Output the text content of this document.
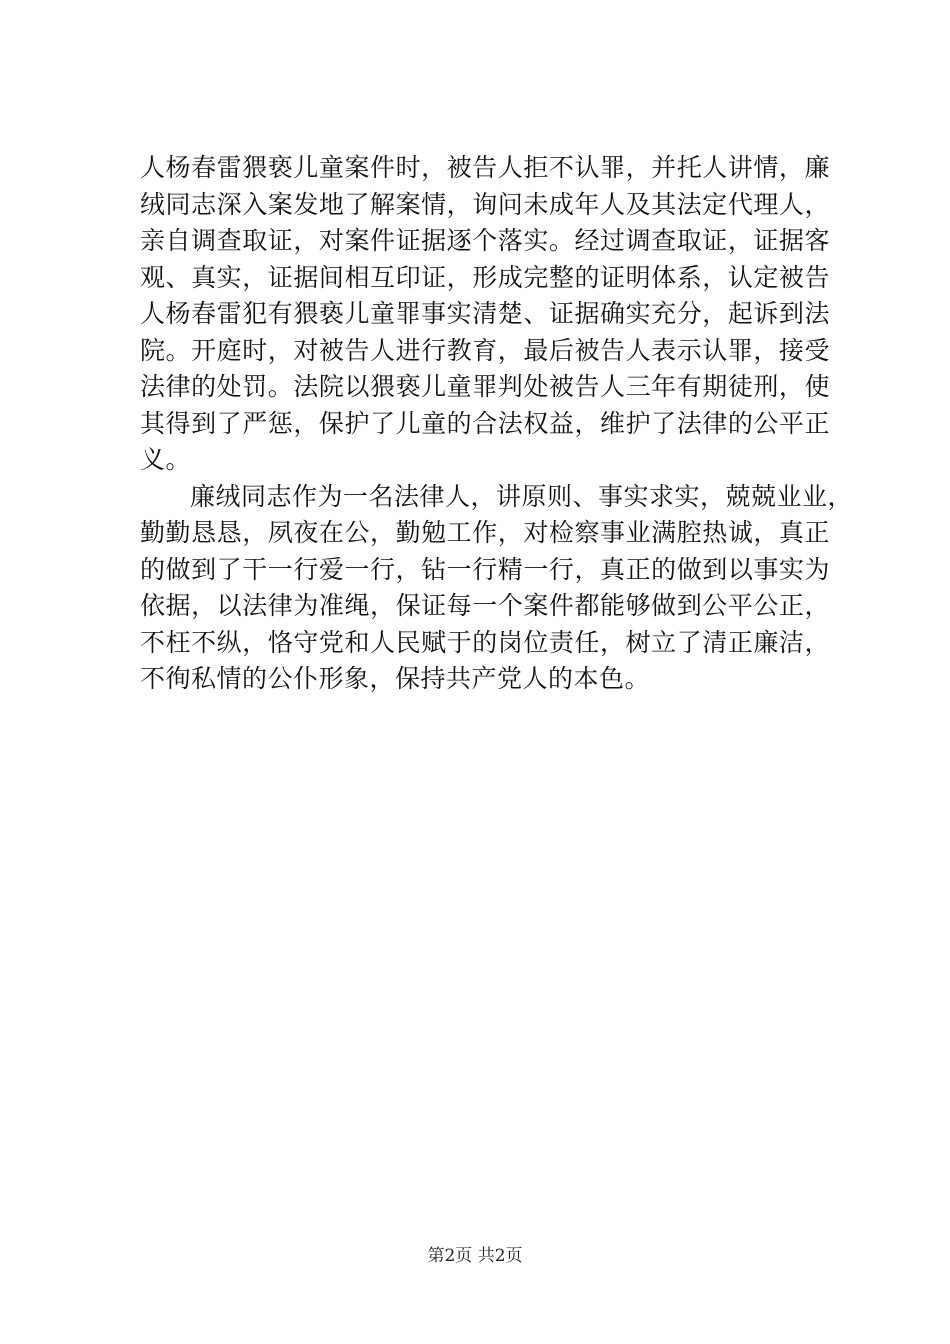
人杨春雷猥亵儿童案件时，被告人拒不认罪，并托人讲情，廉
绒同志深入案发地了解案情，询问未成年人及其法定代理人，
亲自调查取证，对案件证据逐个落实。经过调查取证，证据客
观、真实，证据间相互印证，形成完整的证明体系，认定被告
人杨春雷犯有猥亵儿童罪事实清楚、证据确实充分，起诉到法
院。开庭时，对被告人进行教育，最后被告人表示认罪，接受
法律的处罚。法院以猥亵儿童罪判处被告人三年有期徒刑，使
其得到了严惩，保护了儿童的合法权益，维护了法律的公平正
义。
廉绒同志作为一名法律人，讲原则、事实求实，兢兢业业，
勤勤恳恳，夙夜在公，勤勉工作，对检察事业满腔热诚，真正
的做到了干一行爱一行，钻一行精一行，真正的做到以事实为
依据，以法律为准绳，保证每一个案件都能够做到公平公正，
不枉不纵，恪守党和人民赋于的岗位责任，树立了清正廉洁，
不徇私情的公仆形象，保持共产党人的本色。
第2页 共2页
